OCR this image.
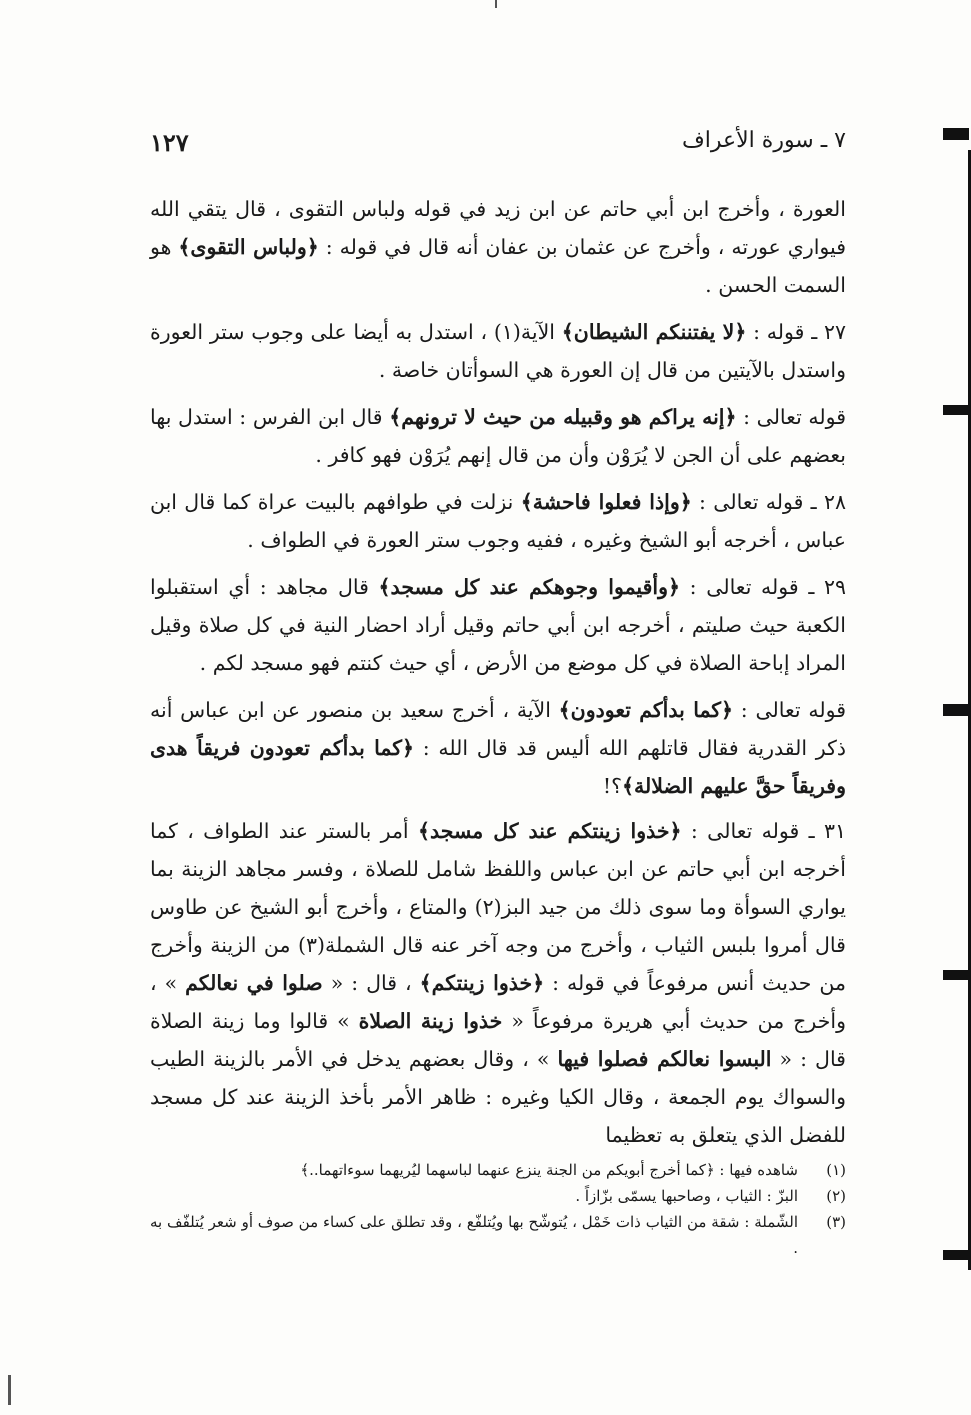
٧ ـ سورة الأعراف
١٢٧

العورة ، وأخرج ابن أبي حاتم عن ابن زيد في قوله ولباس التقوى ، قال يتقي الله فيواري عورته ، وأخرج عن عثمان بن عفان أنه قال في قوله : ﴿ولباس التقوى﴾ هو السمت الحسن .

٢٧ ـ قوله : ﴿لا يفتننكم الشيطان﴾ الآية(١) ، استدل به أيضا على وجوب ستر العورة واستدل بالآيتين من قال إن العورة هي السوأتان خاصة .

قوله تعالى : ﴿إنه يراكم هو وقبيله من حيث لا ترونهم﴾ قال ابن الفرس : استدل بها بعضهم على أن الجن لا يُرَوْن وأن من قال إنهم يُرَوْن فهو كافر .

٢٨ ـ قوله تعالى : ﴿وإذا فعلوا فاحشة﴾ نزلت في طوافهم بالبيت عراة كما قال ابن عباس ، أخرجه أبو الشيخ وغيره ، ففيه وجوب ستر العورة في الطواف .

٢٩ ـ قوله تعالى : ﴿وأقيموا وجوهكم عند كل مسجد﴾ قال مجاهد : أي استقبلوا الكعبة حيث صليتم ، أخرجه ابن أبي حاتم وقيل أراد احضار النية في كل صلاة وقيل المراد إباحة الصلاة في كل موضع من الأرض ، أي حيث كنتم فهو مسجد لكم .

قوله تعالى : ﴿كما بدأكم تعودون﴾ الآية ، أخرج سعيد بن منصور عن ابن عباس أنه ذكر القدرية فقال قاتلهم الله أليس قد قال الله : ﴿كما بدأكم تعودون فريقاً هدى وفريقاً حقَّ عليهم الضلالة﴾؟!

٣١ ـ قوله تعالى : ﴿خذوا زينتكم عند كل مسجد﴾ أمر بالستر عند الطواف ، كما أخرجه ابن أبي حاتم عن ابن عباس واللفظ شامل للصلاة ، وفسر مجاهد الزينة بما يواري السوأة وما سوى ذلك من جيد البز(٢) والمتاع ، وأخرج أبو الشيخ عن طاوس قال أمروا بلبس الثياب ، وأخرج من وجه آخر عنه قال الشملة(٣) من الزينة وأخرج من حديث أنس مرفوعاً في قوله : ﴿خذوا زينتكم﴾ ، قال : « صلوا في نعالكم » ، وأخرج من حديث أبي هريرة مرفوعاً « خذوا زينة الصلاة » قالوا وما زينة الصلاة قال : « البسوا نعالكم فصلوا فيها » ، وقال بعضهم يدخل في الأمر بالزينة الطيب والسواك يوم الجمعة ، وقال الكيا وغيره : ظاهر الأمر بأخذ الزينة عند كل مسجد للفضل الذي يتعلق به تعظيما

(١)
شاهده فيها : ﴿كما أخرج أبويكم من الجنة ينزع عنهما لباسهما ليُريهما سوءاتهما..﴾
(٢)
البزّ : الثياب ، وصاحبها يسمّى بزّازاً .
(٣)
الشّملة : شقة من الثياب ذات خَمْل ، يُتوشّح بها ويُتلفّع ، وقد تطلق على كساء من صوف أو شعر يُتلفّف به .
